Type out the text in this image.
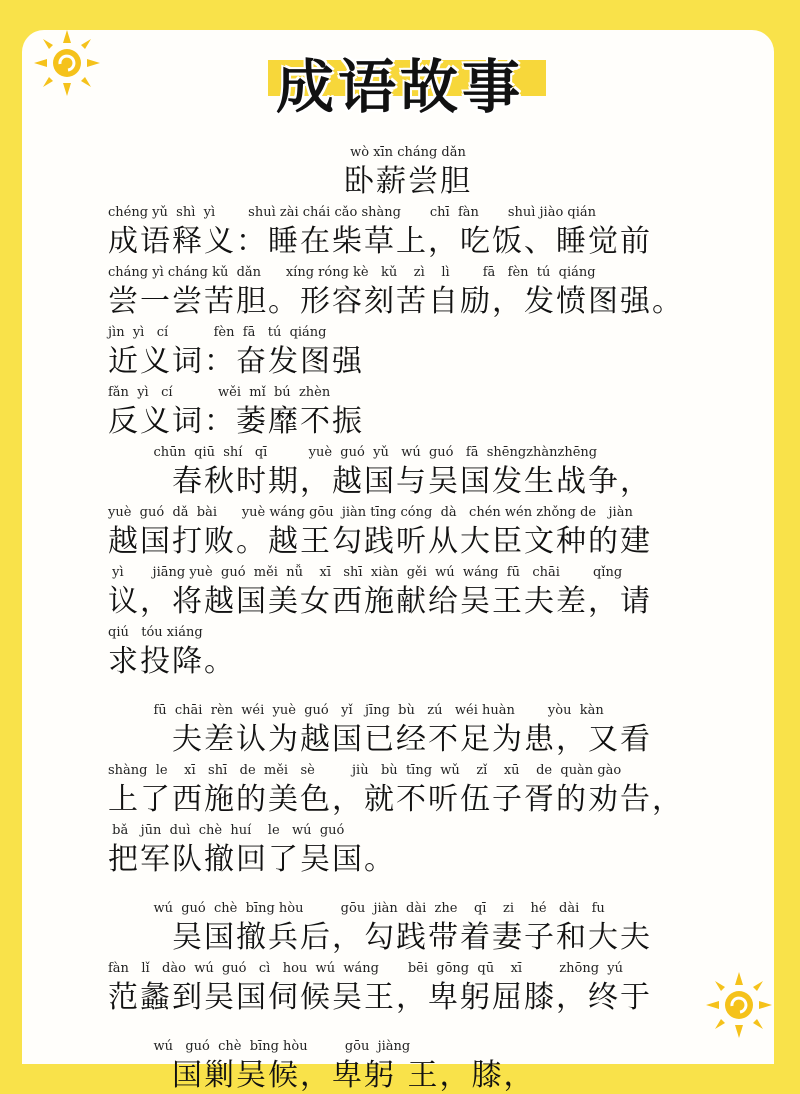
成语故事
wò xīn cháng dǎn
卧薪尝胆
chéng yǔ  shì  yì        shuì zài chái cǎo shàng       chī  fàn       shuì jiào qián
成语释义：睡在柴草上，吃饭、睡觉前
cháng yì cháng kǔ  dǎn      xíng róng kè   kǔ    zì    lì        fā   fèn  tú  qiáng
尝一尝苦胆。形容刻苦自励，发愤图强。
jìn  yì   cí           fèn  fā   tú  qiáng
近义词：奋发图强
fǎn  yì   cí           wěi  mǐ  bú  zhèn
反义词：萎靡不振
chūn  qiū  shí   qī          yuè  guó  yǔ   wú  guó   fā  shēngzhànzhēng
　　春秋时期，越国与吴国发生战争，
yuè  guó  dǎ  bài      yuè wáng gōu  jiàn tīng cóng  dà   chén wén zhǒng de   jiàn
越国打败。越王勾践听从大臣文种的建
yì       jiāng yuè  guó  měi  nǚ    xī   shī  xiàn  gěi  wú  wáng  fū   chāi        qǐng
议，将越国美女西施献给吴王夫差，请
qiú   tóu xiáng
求投降。
fū  chāi  rèn  wéi  yuè  guó   yǐ   jīng  bù   zú   wéi huàn        yòu  kàn
　　夫差认为越国已经不足为患，又看
shàng  le    xī   shī   de  měi   sè         jiù   bù  tīng  wǔ    zǐ    xū    de  quàn gào
上了西施的美色，就不听伍子胥的劝告，
bǎ   jūn  duì  chè  huí    le   wú  guó
把军队撤回了吴国。
wú  guó  chè  bīng hòu         gōu  jiàn  dài  zhe    qī    zi    hé   dài   fu
　　吴国撤兵后，勾践带着妻子和大夫
fàn   lǐ   dào  wú  guó   cì   hou  wú  wáng       bēi  gōng  qū    xī         zhōng  yú
范蠡到吴国伺候吴王，卑躬屈膝，终于
wú   guó  chè  bīng hòu         gōu  jiàng
　　国剿吴候，卑躬 王，膝，
